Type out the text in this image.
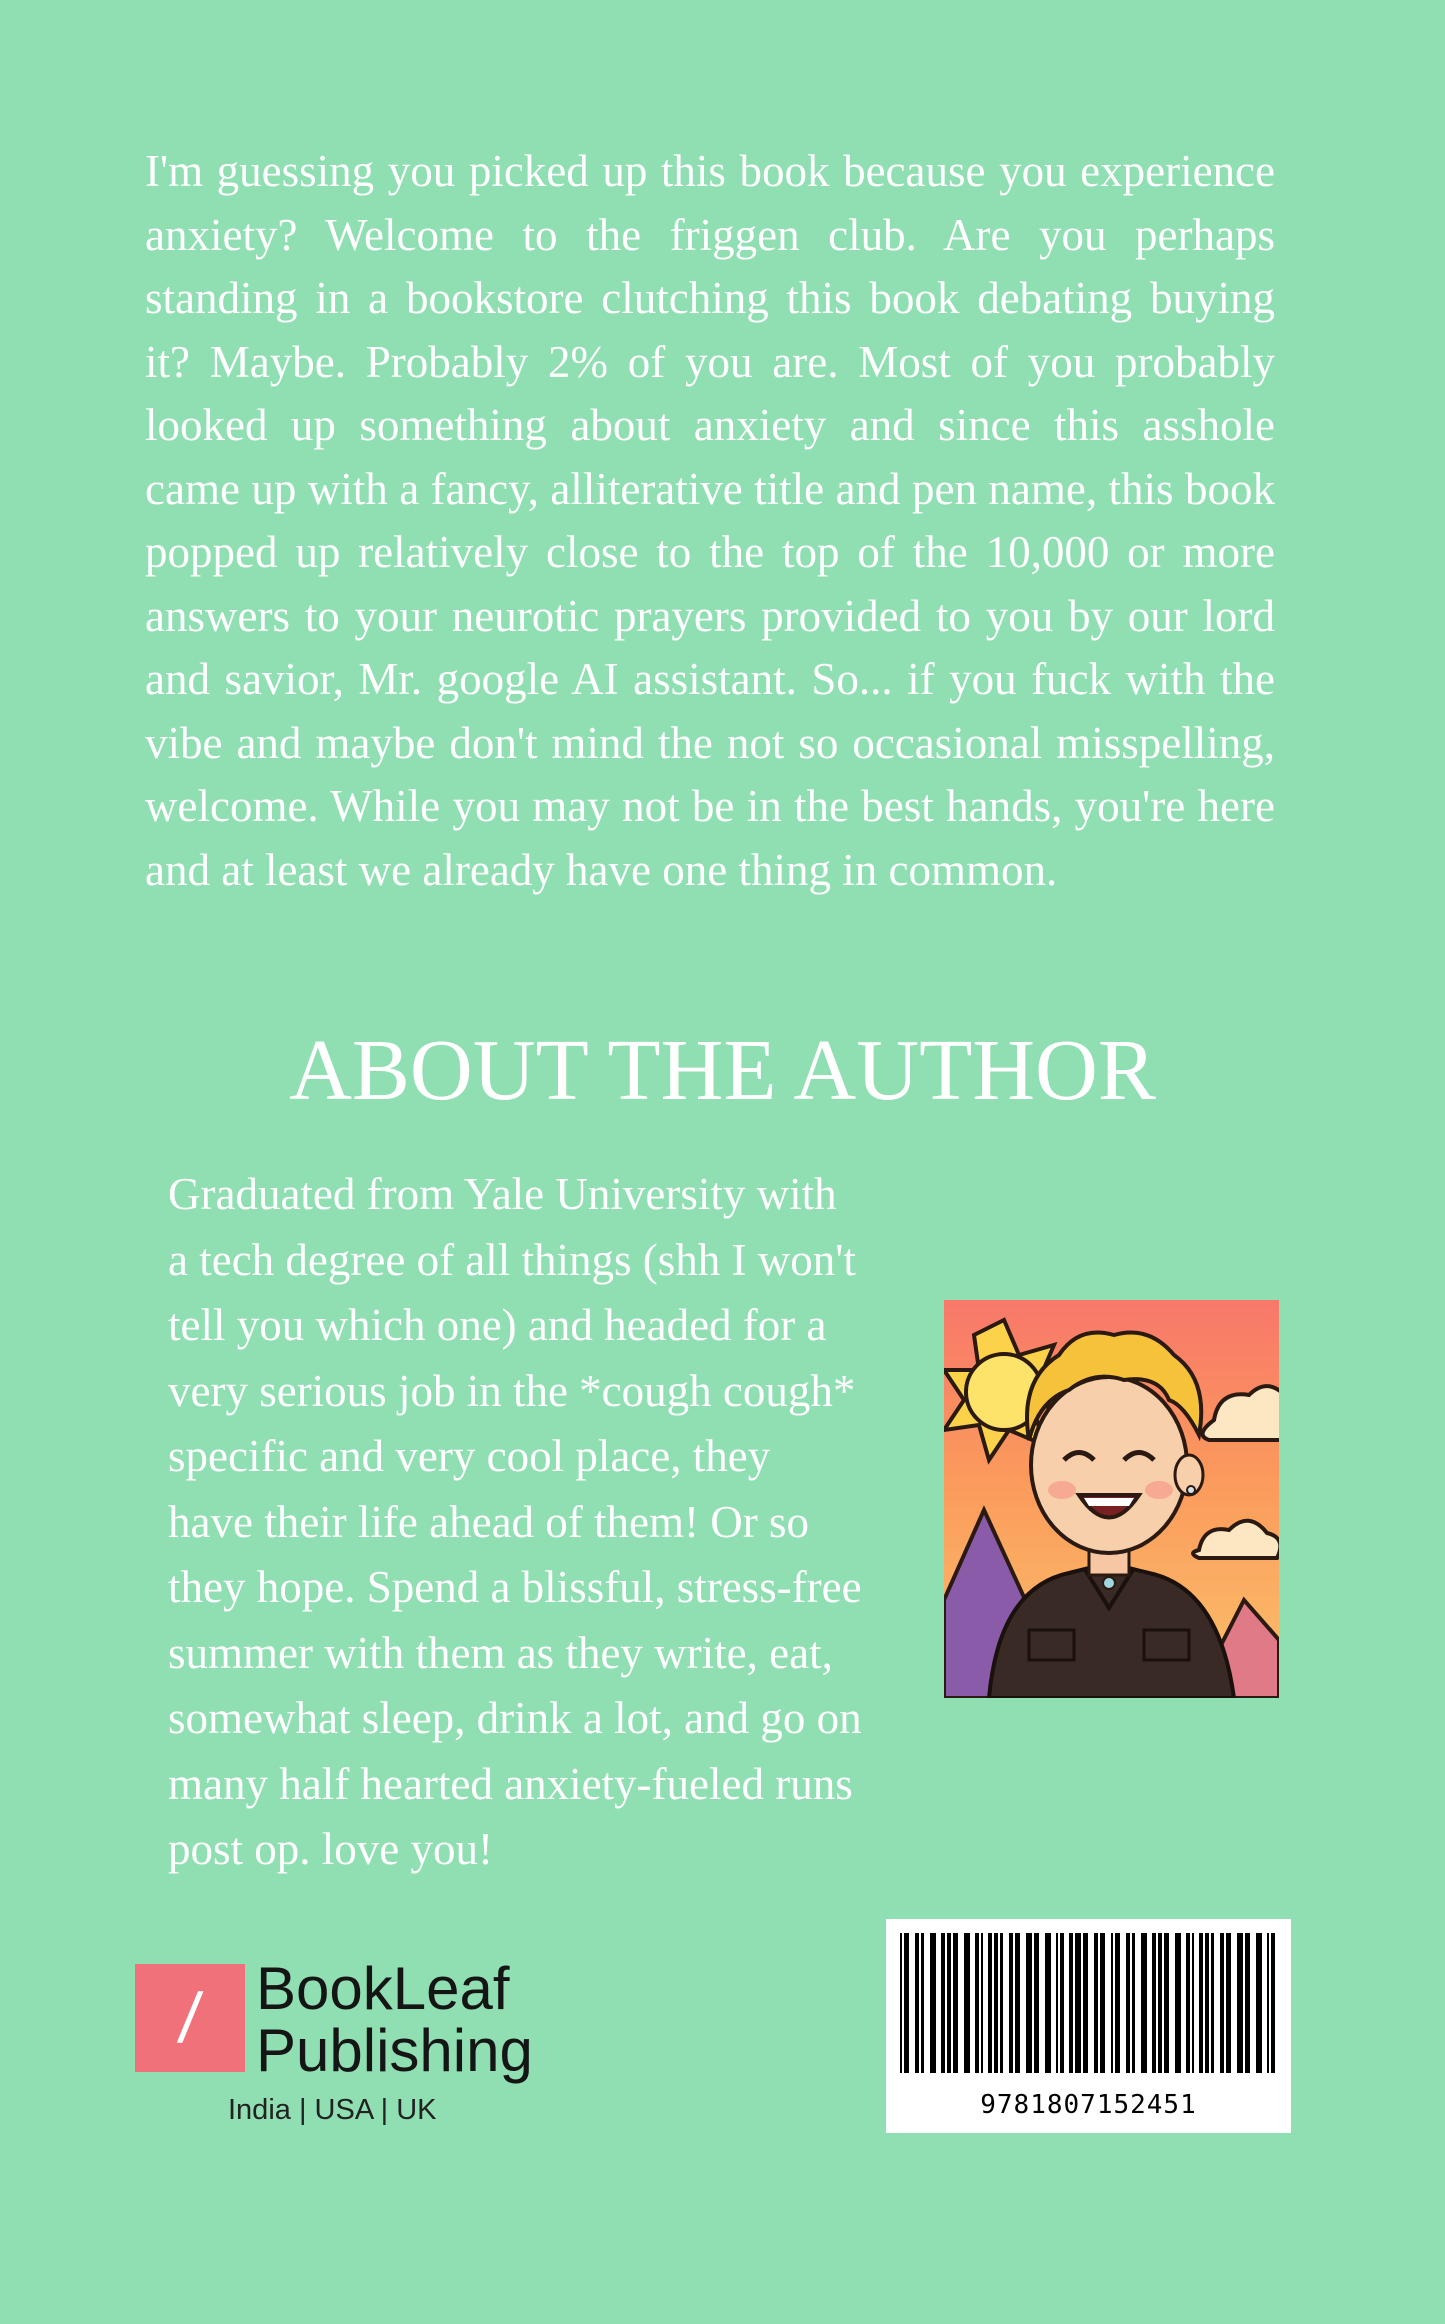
I'm guessing you picked up this book because you experience anxiety? Welcome to the friggen club. Are you perhaps standing in a bookstore clutching this book debating buying it? Maybe. Probably 2% of you are. Most of you probably looked up something about anxiety and since this asshole came up with a fancy, alliterative title and pen name, this book popped up relatively close to the top of the 10,000 or more answers to your neurotic prayers provided to you by our lord and savior, Mr. google AI assistant. So... if you fuck with the vibe and maybe don't mind the not so occasional misspelling, welcome. While you may not be in the best hands, you're here and at least we already have one thing in common.

ABOUT THE AUTHOR
Graduated from Yale University with
a tech degree of all things (shh I won't
tell you which one) and headed for a
very serious job in the *cough cough*
specific and very cool place, they
have their life ahead of them! Or so
they hope. Spend a blissful, stress-free
summer with them as they write, eat,
somewhat sleep, drink a lot, and go on
many half hearted anxiety-fueled runs
post op. love you!
/ BookLeaf
Publishing
India | USA | UK	9781807152451
